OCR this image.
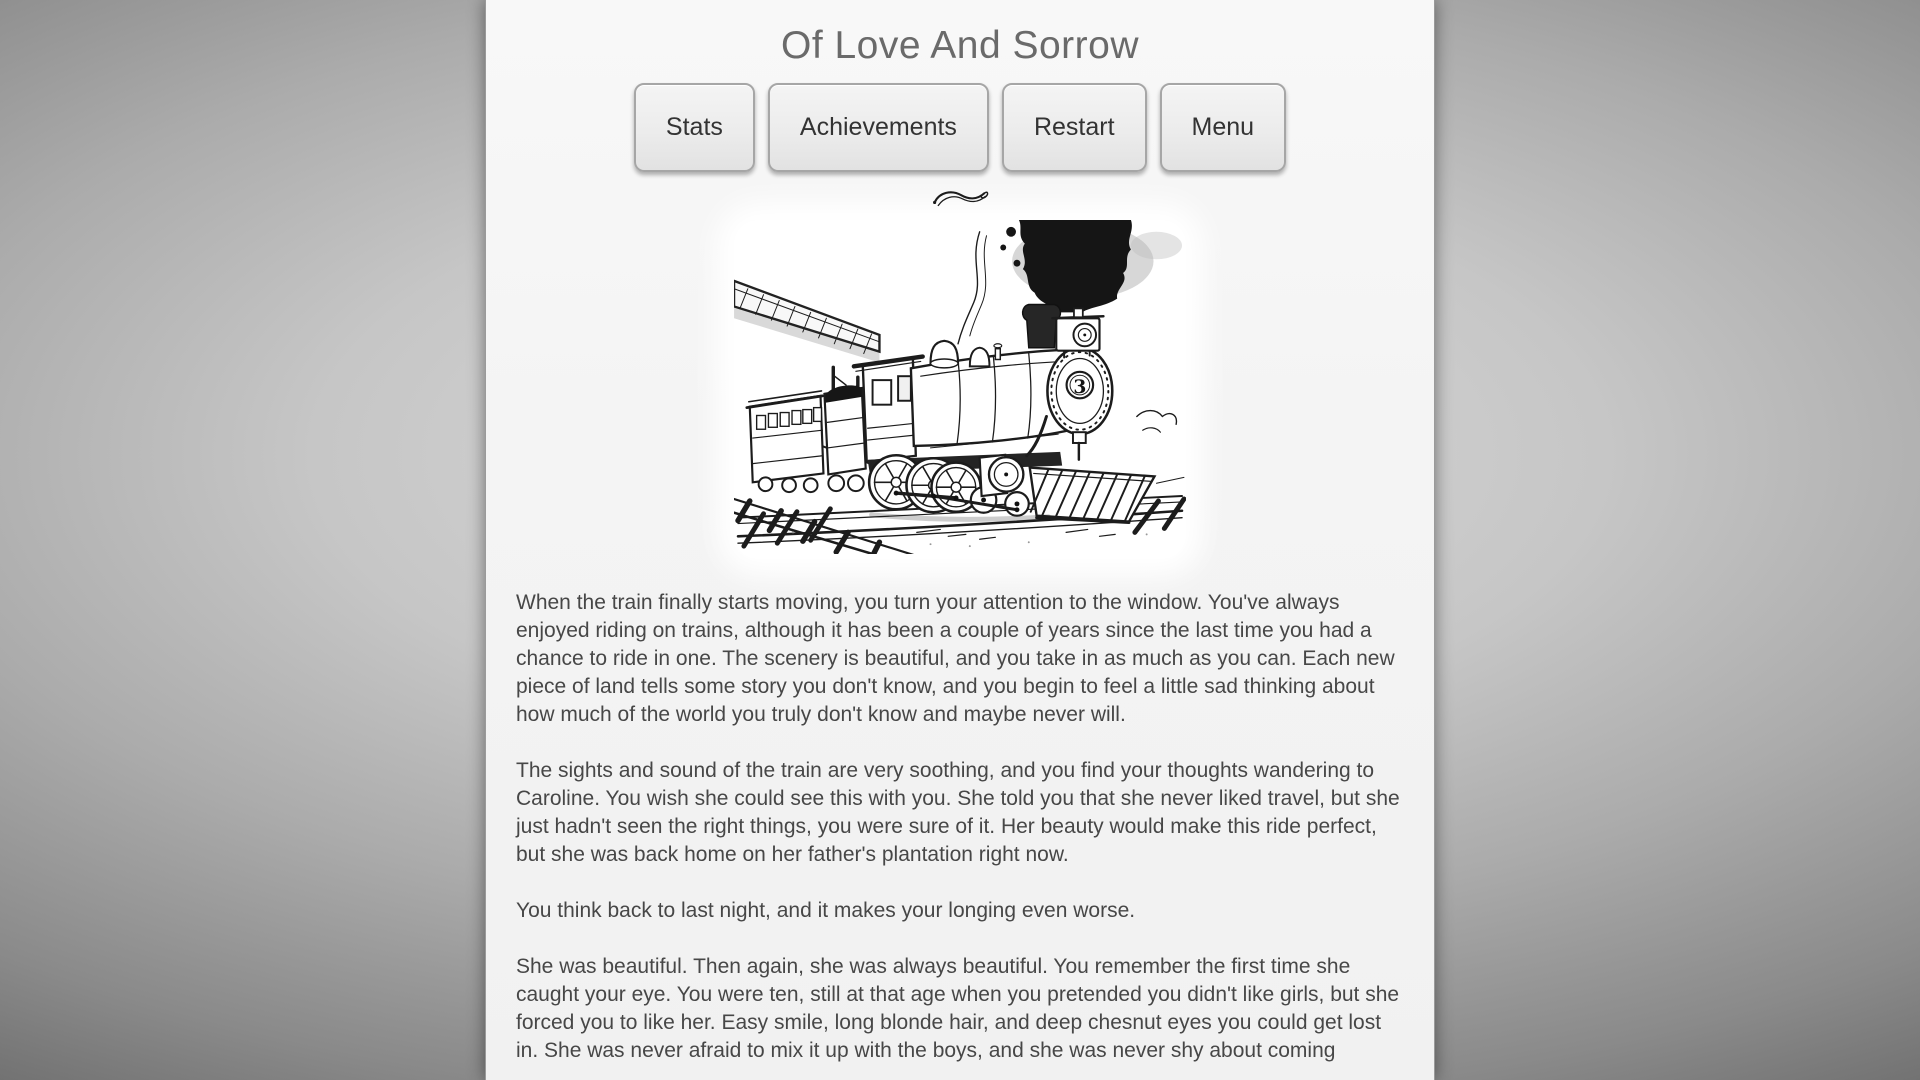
Of Love And Sorrow
Stats	Achievements	Restart	Menu
3

When the train finally starts moving, you turn your attention to the window. You've always enjoyed riding on trains, although it has been a couple of years since the last time you had a chance to ride in one. The scenery is beautiful, and you take in as much as you can. Each new piece of land tells some story you don't know, and you begin to feel a little sad thinking about how much of the world you truly don't know and maybe never will.

The sights and sound of the train are very soothing, and you find your thoughts wandering to Caroline. You wish she could see this with you. She told you that she never liked travel, but she just hadn't seen the right things, you were sure of it. Her beauty would make this ride perfect, but she was back home on her father's plantation right now.

You think back to last night, and it makes your longing even worse.

She was beautiful. Then again, she was always beautiful. You remember the first time she caught your eye. You were ten, still at that age when you pretended you didn't like girls, but she forced you to like her. Easy smile, long blonde hair, and deep chesnut eyes you could get lost in. She was never afraid to mix it up with the boys, and she was never shy about coming
